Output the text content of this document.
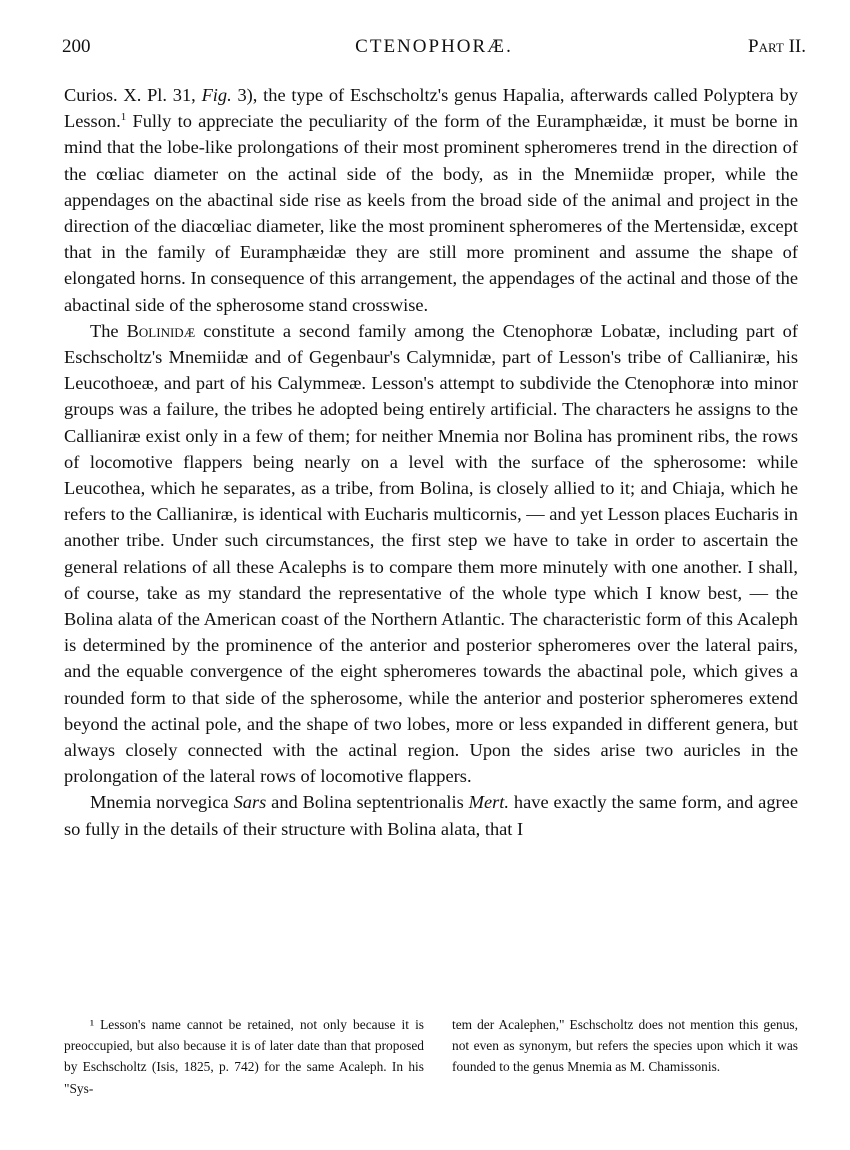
200	CTENOPHORÆ.	Part II.

Curios. X. Pl. 31, Fig. 3), the type of Eschscholtz's genus Hapalia, afterwards called Polyptera by Lesson.$^1$ Fully to appreciate the peculiarity of the form of the Euramphæidæ, it must be borne in mind that the lobe-like prolongations of their most prominent spheromeres trend in the direction of the cœliac diameter on the actinal side of the body, as in the Mnemiidæ proper, while the appendages on the abactinal side rise as keels from the broad side of the animal and project in the direction of the diacœliac diameter, like the most prominent spheromeres of the Mertensidæ, except that in the family of Euramphæidæ they are still more prominent and assume the shape of elongated horns. In consequence of this arrangement, the appendages of the actinal and those of the abactinal side of the spherosome stand crosswise.

The Bolinidæ constitute a second family among the Ctenophoræ Lobatæ, including part of Eschscholtz's Mnemiidæ and of Gegenbaur's Calymnidæ, part of Lesson's tribe of Callianiræ, his Leucothoeæ, and part of his Calymmeæ. Lesson's attempt to subdivide the Ctenophoræ into minor groups was a failure, the tribes he adopted being entirely artificial. The characters he assigns to the Callianiræ exist only in a few of them; for neither Mnemia nor Bolina has prominent ribs, the rows of locomotive flappers being nearly on a level with the surface of the spherosome: while Leucothea, which he separates, as a tribe, from Bolina, is closely allied to it; and Chiaja, which he refers to the Callianiræ, is identical with Eucharis multicornis, — and yet Lesson places Eucharis in another tribe. Under such circumstances, the first step we have to take in order to ascertain the general relations of all these Acalephs is to compare them more minutely with one another. I shall, of course, take as my standard the representative of the whole type which I know best, — the Bolina alata of the American coast of the Northern Atlantic. The characteristic form of this Acaleph is determined by the prominence of the anterior and posterior spheromeres over the lateral pairs, and the equable convergence of the eight spheromeres towards the abactinal pole, which gives a rounded form to that side of the spherosome, while the anterior and posterior spheromeres extend beyond the actinal pole, and the shape of two lobes, more or less expanded in different genera, but always closely connected with the actinal region. Upon the sides arise two auricles in the prolongation of the lateral rows of locomotive flappers.

Mnemia norvegica Sars and Bolina septentrionalis Mert. have exactly the same form, and agree so fully in the details of their structure with Bolina alata, that I

¹ Lesson's name cannot be retained, not only because it is preoccupied, but also because it is of later date than that proposed by Eschscholtz (Isis, 1825, p. 742) for the same Acaleph. In his "Sys-

tem der Acalephen," Eschscholtz does not mention this genus, not even as synonym, but refers the species upon which it was founded to the genus Mnemia as M. Chamissonis.
